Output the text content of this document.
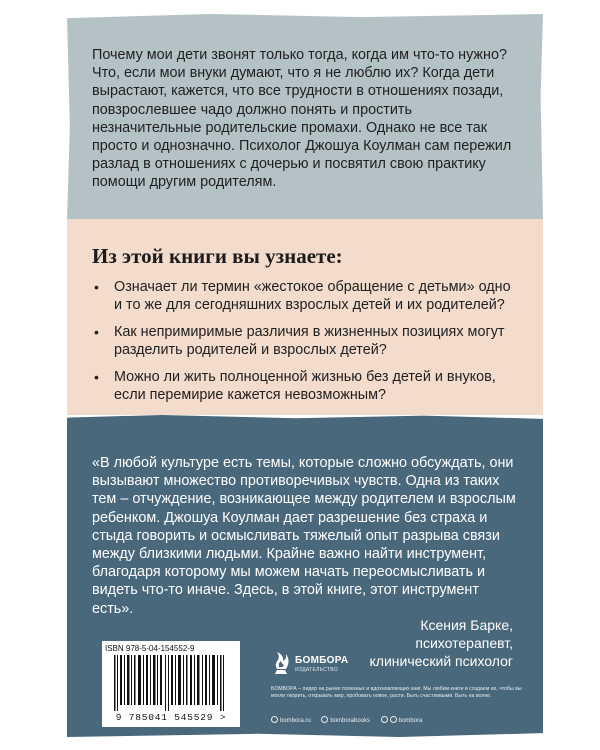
Почему мои дети звонят только тогда, когда им что-то нужно? Что, если мои внуки думают, что я не люблю их? Когда дети вырастают, кажется, что все трудности в отношениях позади, повзрослевшее чадо должно понять и простить незначительные родительские промахи. Однако не все так просто и однозначно. Психолог Джошуа Коулман сам пережил разлад в отношениях с дочерью и посвятил свою практику помощи другим родителям.

Из этой книги вы узнаете:
• Означает ли термин «жестокое обращение с детьми» одно и то же для сегодняшних взрослых детей и их родителей?
• Как непримиримые различия в жизненных позициях могут разделить родителей и взрослых детей?
• Можно ли жить полноценной жизнью без детей и внуков, если перемирие кажется невозможным?

«В любой культуре есть темы, которые сложно обсуждать, они вызывают множество противоречивых чувств. Одна из таких тем – отчуждение, возникающее между родителем и взрослым ребенком. Джошуа Коулман дает разрешение без страха и стыда говорить и осмысливать тяжелый опыт разрыва связи между близкими людьми. Крайне важно найти инструмент, благодаря которому мы можем начать переосмысливать и видеть что-то иначе. Здесь, в этой книге, этот инструмент есть».

Ксения Барке,
психотерапевт,
клинический психолог
ISBN 978-5-04-154552-9
9 785041 545529 >
БОМБОРА
ИЗДАТЕЛЬСТВО

БОМБОРА – лидер на рынке полезных и вдохновляющих книг. Мы любим книги и создаем их, чтобы вы могли творить, открывать мир, пробовать новое, расти. Быть счастливыми. Быть на волне.

bombora.ru	bomborabooks	bombora
